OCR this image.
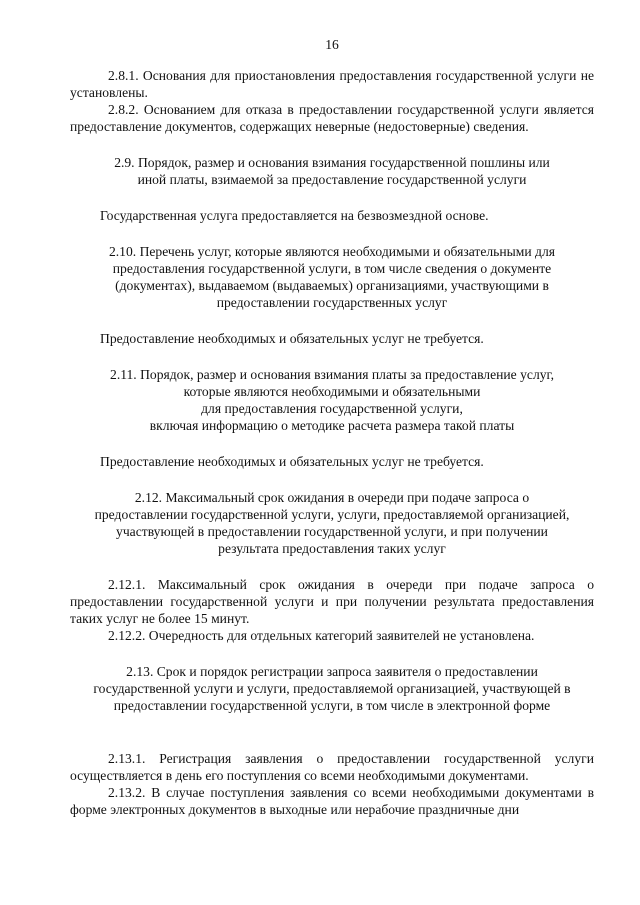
16

2.8.1. Основания для приостановления предоставления государственной услуги не установлены.

2.8.2. Основанием для отказа в предоставлении государственной услуги является предоставление документов, содержащих неверные (недостоверные) сведения.

2.9. Порядок, размер и основания взимания государственной пошлины или
иной платы, взимаемой за предоставление государственной услуги

Государственная услуга предоставляется на безвозмездной основе.

2.10. Перечень услуг, которые являются необходимыми и обязательными для
предоставления государственной услуги, в том числе сведения о документе
(документах), выдаваемом (выдаваемых) организациями, участвующими в
предоставлении государственных услуг

Предоставление необходимых и обязательных услуг не требуется.

2.11. Порядок, размер и основания взимания платы за предоставление услуг,
которые являются необходимыми и обязательными
для предоставления государственной услуги,
включая информацию о методике расчета размера такой платы

Предоставление необходимых и обязательных услуг не требуется.

2.12. Максимальный срок ожидания в очереди при подаче запроса о
предоставлении государственной услуги, услуги, предоставляемой организацией,
участвующей в предоставлении государственной услуги, и при получении
результата предоставления таких услуг

2.12.1. Максимальный срок ожидания в очереди при подаче запроса о предоставлении государственной услуги и при получении результата предоставления таких услуг не более 15 минут.

2.12.2. Очередность для отдельных категорий заявителей не установлена.

2.13. Срок и порядок регистрации запроса заявителя о предоставлении
государственной услуги и услуги, предоставляемой организацией, участвующей в
предоставлении государственной услуги, в том числе в электронной форме

2.13.1. Регистрация заявления о предоставлении государственной услуги осуществляется в день его поступления со всеми необходимыми документами.

2.13.2. В случае поступления заявления со всеми необходимыми документами в форме электронных документов в выходные или нерабочие праздничные дни
